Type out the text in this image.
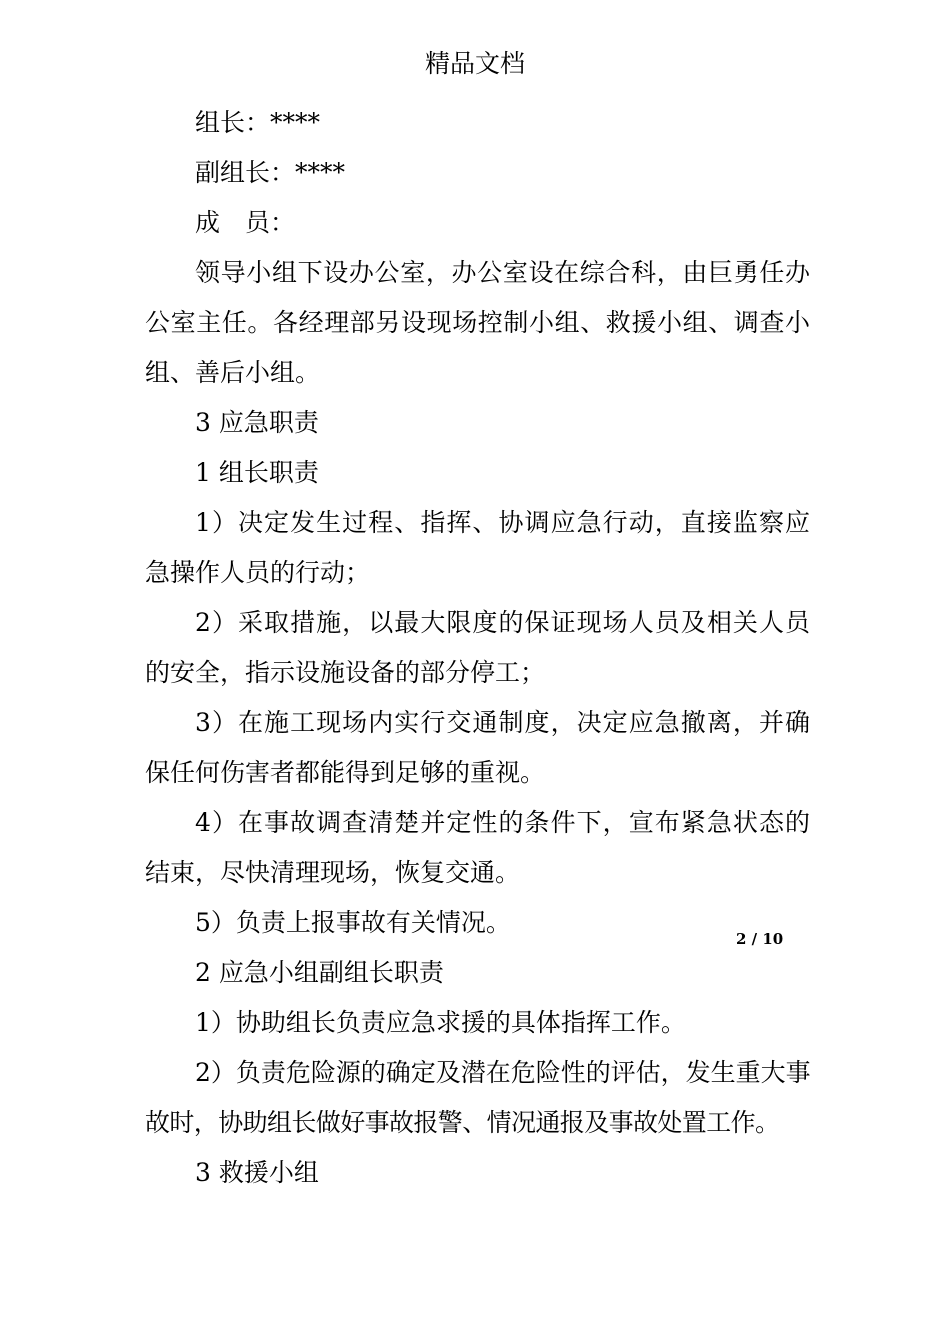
精品文档

组长：****

副组长：****

成　员：

领导小组下设办公室，办公室设在综合科，由巨勇任办公室主任。各经理部另设现场控制小组、救援小组、调查小组、善后小组。

3 应急职责

1 组长职责

1）决定发生过程、指挥、协调应急行动，直接监察应急操作人员的行动；

2）采取措施，以最大限度的保证现场人员及相关人员的安全，指示设施设备的部分停工；

3）在施工现场内实行交通制度，决定应急撤离，并确保任何伤害者都能得到足够的重视。

4）在事故调查清楚并定性的条件下，宣布紧急状态的结束，尽快清理现场，恢复交通。

5）负责上报事故有关情况。

2 应急小组副组长职责

1）协助组长负责应急求援的具体指挥工作。

2）负责危险源的确定及潜在危险性的评估，发生重大事故时，协助组长做好事故报警、情况通报及事故处置工作。

3 救援小组

2 / 10
